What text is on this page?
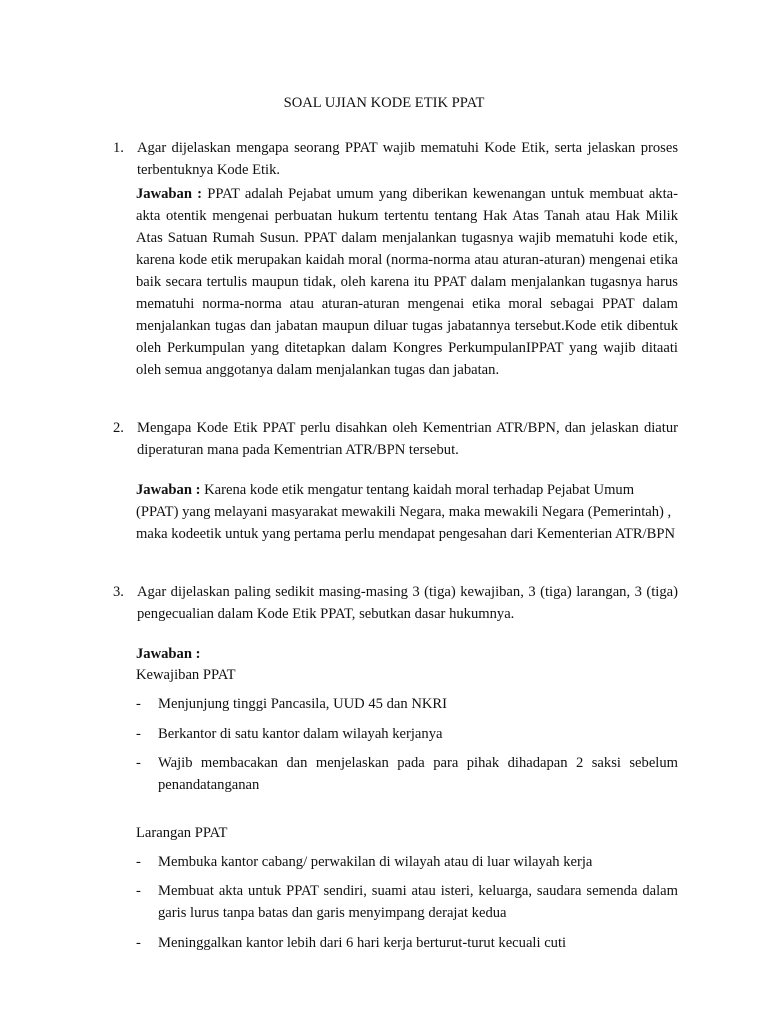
SOAL UJIAN KODE ETIK PPAT
1. Agar dijelaskan mengapa seorang PPAT wajib mematuhi Kode Etik, serta jelaskan proses terbentuknya Kode Etik.
Jawaban : PPAT adalah Pejabat umum yang diberikan kewenangan untuk membuat akta-akta otentik mengenai perbuatan hukum tertentu tentang Hak Atas Tanah atau Hak Milik Atas Satuan Rumah Susun. PPAT dalam menjalankan tugasnya wajib mematuhi kode etik, karena kode etik merupakan kaidah moral (norma-norma atau aturan-aturan) mengenai etika baik secara tertulis maupun tidak, oleh karena itu PPAT dalam menjalankan tugasnya harus mematuhi norma-norma atau aturan-aturan mengenai etika moral sebagai PPAT dalam menjalankan tugas dan jabatan maupun diluar tugas jabatannya tersebut.Kode etik dibentuk oleh Perkumpulan yang ditetapkan dalam Kongres PerkumpulanIPPAT yang wajib ditaati oleh semua anggotanya dalam menjalankan tugas dan jabatan.
2. Mengapa Kode Etik PPAT perlu disahkan oleh Kementrian ATR/BPN, dan jelaskan diatur diperaturan mana pada Kementrian ATR/BPN tersebut.
Jawaban : Karena kode etik mengatur tentang kaidah moral terhadap Pejabat Umum (PPAT) yang melayani masyarakat mewakili Negara, maka mewakili Negara (Pemerintah) , maka kodeetik untuk yang pertama perlu mendapat pengesahan dari Kementerian ATR/BPN
3. Agar dijelaskan paling sedikit masing-masing 3 (tiga) kewajiban, 3 (tiga) larangan, 3 (tiga) pengecualian dalam Kode Etik PPAT, sebutkan dasar hukumnya.
Jawaban :
Kewajiban PPAT
- Menjunjung tinggi Pancasila, UUD 45 dan NKRI
- Berkantor di satu kantor dalam wilayah kerjanya
- Wajib membacakan dan menjelaskan pada para pihak dihadapan 2 saksi sebelum penandatanganan
Larangan PPAT
- Membuka kantor cabang/ perwakilan di wilayah atau di luar wilayah kerja
- Membuat akta untuk PPAT sendiri, suami atau isteri, keluarga, saudara semenda dalam garis lurus tanpa batas dan garis menyimpang derajat kedua
- Meninggalkan kantor lebih dari 6 hari kerja berturut-turut kecuali cuti
